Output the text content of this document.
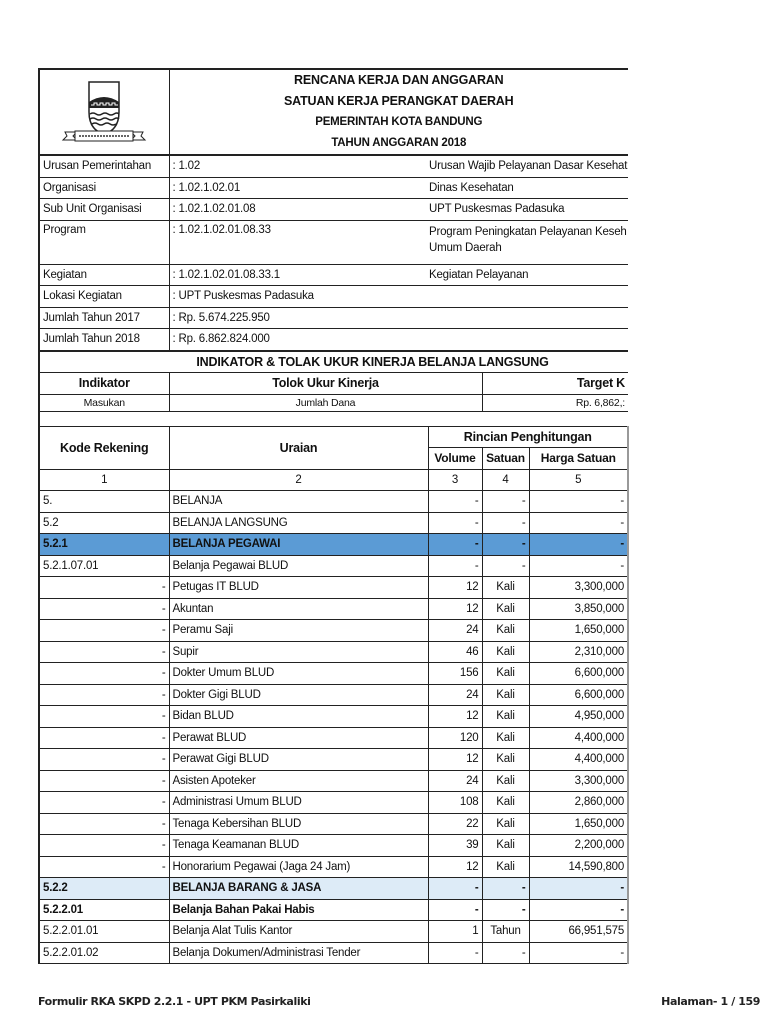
RENCANA KERJA DAN ANGGARAN
SATUAN KERJA PERANGKAT DAERAH
PEMERINTAH KOTA BANDUNG
TAHUN ANGGARAN 2018
Urusan Pemerintahan	: 1.02	Urusan Wajib Pelayanan Dasar Kesehat
Organisasi	: 1.02.1.02.01	Dinas Kesehatan
Sub Unit Organisasi	: 1.02.1.02.01.08	UPT Puskesmas Padasuka
Program	: 1.02.1.02.01.08.33	Program Peningkatan Pelayanan Keseh
Umum Daerah

Kegiatan	: 1.02.1.02.01.08.33.1	Kegiatan Pelayanan
Lokasi Kegiatan	: UPT Puskesmas Padasuka	
Jumlah Tahun 2017	: Rp. 5.674.225.950	
Jumlah Tahun 2018	: Rp. 6.862.824.000	
INDIKATOR & TOLAK UKUR KINERJA BELANJA LANGSUNG		
Indikator	Tolok Ukur Kinerja	Target K
Masukan	Jumlah Dana	Rp. 6,862,:

Kode Rekening	Uraian	Rincian Penghitungan		
		Volume	Satuan	Harga Satuan
1	2	3	4	5
5.	BELANJA	-	-	-
5.2	BELANJA LANGSUNG	-	-	-
5.2.1	BELANJA PEGAWAI	-	-	-
5.2.1.07.01	Belanja Pegawai BLUD	-	-	-
-	Petugas IT BLUD	12	Kali	3,300,000
-	Akuntan	12	Kali	3,850,000
-	Peramu Saji	24	Kali	1,650,000
-	Supir	46	Kali	2,310,000
-	Dokter Umum BLUD	156	Kali	6,600,000
-	Dokter Gigi BLUD	24	Kali	6,600,000
-	Bidan BLUD	12	Kali	4,950,000
-	Perawat BLUD	120	Kali	4,400,000
-	Perawat Gigi BLUD	12	Kali	4,400,000
-	Asisten Apoteker	24	Kali	3,300,000
-	Administrasi Umum BLUD	108	Kali	2,860,000
-	Tenaga Kebersihan BLUD	22	Kali	1,650,000
-	Tenaga Keamanan BLUD	39	Kali	2,200,000
-	Honorarium Pegawai (Jaga 24 Jam)	12	Kali	14,590,800
5.2.2	BELANJA BARANG & JASA	-	-	-
5.2.2.01	Belanja Bahan Pakai Habis	-	-	-
5.2.2.01.01	Belanja Alat Tulis Kantor	1	Tahun	66,951,575
5.2.2.01.02	Belanja Dokumen/Administrasi Tender	-	-	-
Formulir RKA SKPD 2.2.1 - UPT PKM Pasirkaliki	Halaman- 1 / 159
